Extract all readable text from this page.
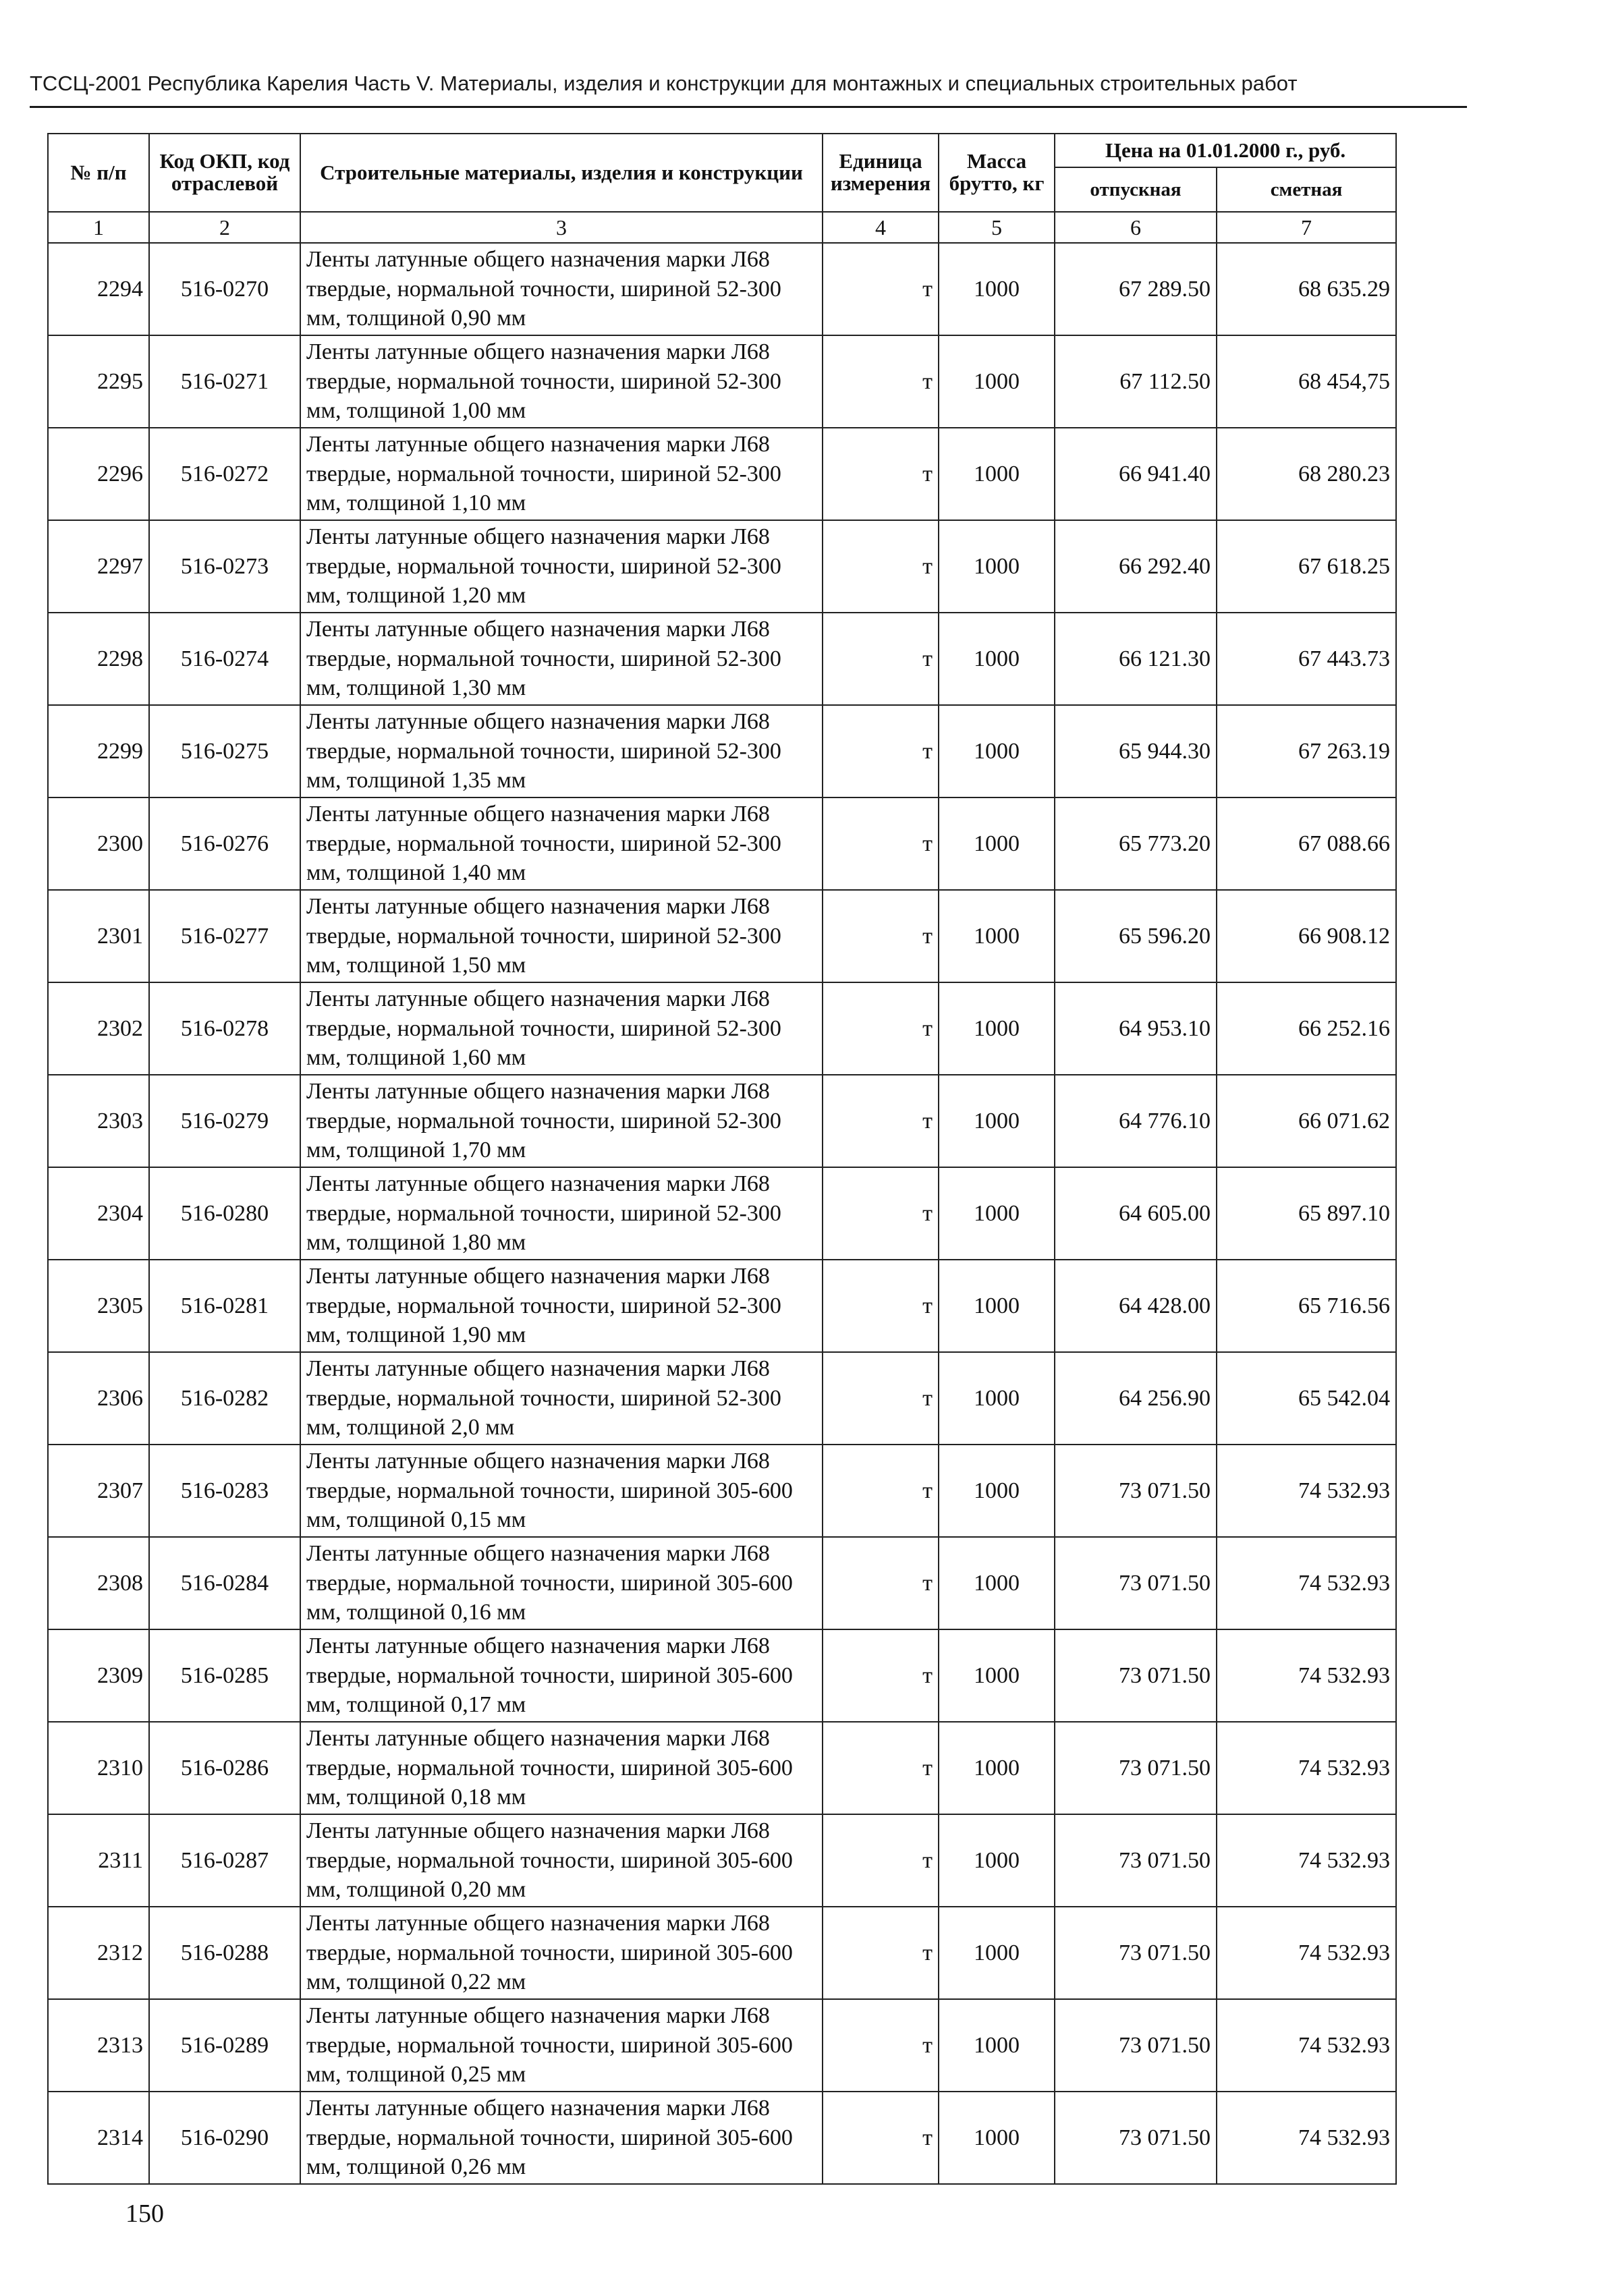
ТССЦ-2001 Республика Карелия Часть V. Материалы, изделия и конструкции для монтажных и специальных строительных работ
№ п/п	Код ОКП, код отраслевой	Строительные материалы, изделия и конструкции	Единица измерения	Масса брутто, кг	Цена на 01.01.2000 г., руб.	
					отпускная	сметная
1	2	3	4	5	6	7
2294	516-0270	Ленты латунные общего назначения марки Л68 твердые, нормальной точности, шириной 52-300 мм, толщиной 0,90 мм	т	1000	67 289.50	68 635.29
2295	516-0271	Ленты латунные общего назначения марки Л68 твердые, нормальной точности, шириной 52-300 мм, толщиной 1,00 мм	т	1000	67 112.50	68 454,75
2296	516-0272	Ленты латунные общего назначения марки Л68 твердые, нормальной точности, шириной 52-300 мм, толщиной 1,10 мм	т	1000	66 941.40	68 280.23
2297	516-0273	Ленты латунные общего назначения марки Л68 твердые, нормальной точности, шириной 52-300 мм, толщиной 1,20 мм	т	1000	66 292.40	67 618.25
2298	516-0274	Ленты латунные общего назначения марки Л68 твердые, нормальной точности, шириной 52-300 мм, толщиной 1,30 мм	т	1000	66 121.30	67 443.73
2299	516-0275	Ленты латунные общего назначения марки Л68 твердые, нормальной точности, шириной 52-300 мм, толщиной 1,35 мм	т	1000	65 944.30	67 263.19
2300	516-0276	Ленты латунные общего назначения марки Л68 твердые, нормальной точности, шириной 52-300 мм, толщиной 1,40 мм	т	1000	65 773.20	67 088.66
2301	516-0277	Ленты латунные общего назначения марки Л68 твердые, нормальной точности, шириной 52-300 мм, толщиной 1,50 мм	т	1000	65 596.20	66 908.12
2302	516-0278	Ленты латунные общего назначения марки Л68 твердые, нормальной точности, шириной 52-300 мм, толщиной 1,60 мм	т	1000	64 953.10	66 252.16
2303	516-0279	Ленты латунные общего назначения марки Л68 твердые, нормальной точности, шириной 52-300 мм, толщиной 1,70 мм	т	1000	64 776.10	66 071.62
2304	516-0280	Ленты латунные общего назначения марки Л68 твердые, нормальной точности, шириной 52-300 мм, толщиной 1,80 мм	т	1000	64 605.00	65 897.10
2305	516-0281	Ленты латунные общего назначения марки Л68 твердые, нормальной точности, шириной 52-300 мм, толщиной 1,90 мм	т	1000	64 428.00	65 716.56
2306	516-0282	Ленты латунные общего назначения марки Л68 твердые, нормальной точности, шириной 52-300 мм, толщиной 2,0 мм	т	1000	64 256.90	65 542.04
2307	516-0283	Ленты латунные общего назначения марки Л68 твердые, нормальной точности, шириной 305-600 мм, толщиной 0,15 мм	т	1000	73 071.50	74 532.93
2308	516-0284	Ленты латунные общего назначения марки Л68 твердые, нормальной точности, шириной 305-600 мм, толщиной 0,16 мм	т	1000	73 071.50	74 532.93
2309	516-0285	Ленты латунные общего назначения марки Л68 твердые, нормальной точности, шириной 305-600 мм, толщиной 0,17 мм	т	1000	73 071.50	74 532.93
2310	516-0286	Ленты латунные общего назначения марки Л68 твердые, нормальной точности, шириной 305-600 мм, толщиной 0,18 мм	т	1000	73 071.50	74 532.93
2311	516-0287	Ленты латунные общего назначения марки Л68 твердые, нормальной точности, шириной 305-600 мм, толщиной 0,20 мм	т	1000	73 071.50	74 532.93
2312	516-0288	Ленты латунные общего назначения марки Л68 твердые, нормальной точности, шириной 305-600 мм, толщиной 0,22 мм	т	1000	73 071.50	74 532.93
2313	516-0289	Ленты латунные общего назначения марки Л68 твердые, нормальной точности, шириной 305-600 мм, толщиной 0,25 мм	т	1000	73 071.50	74 532.93
2314	516-0290	Ленты латунные общего назначения марки Л68 твердые, нормальной точности, шириной 305-600 мм, толщиной 0,26 мм	т	1000	73 071.50	74 532.93
150
